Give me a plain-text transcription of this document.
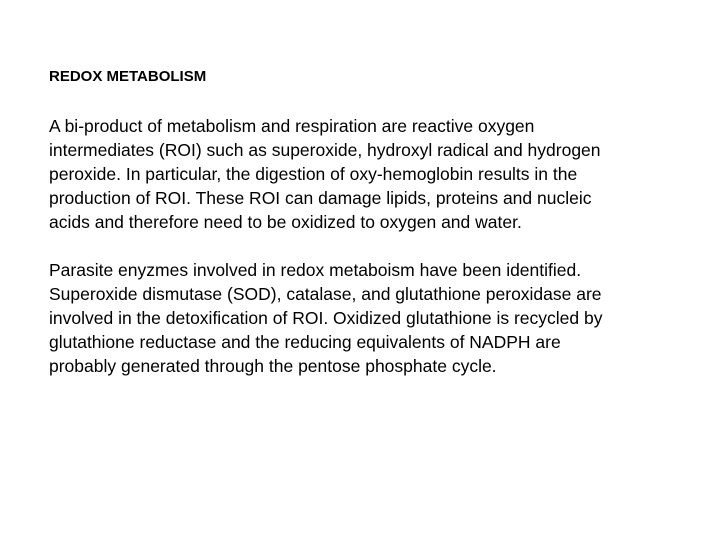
REDOX METABOLISM

A bi-product of metabolism and respiration are reactive oxygen
intermediates (ROI) such as superoxide, hydroxyl radical and hydrogen
peroxide. In particular, the digestion of oxy-hemoglobin results in the
production of ROI. These ROI can damage lipids, proteins and nucleic
acids and therefore need to be oxidized to oxygen and water.

Parasite enyzmes involved in redox metaboism have been identified.
Superoxide dismutase (SOD), catalase, and glutathione peroxidase are
involved in the detoxification of ROI. Oxidized glutathione is recycled by
glutathione reductase and the reducing equivalents of NADPH are
probably generated through the pentose phosphate cycle.
